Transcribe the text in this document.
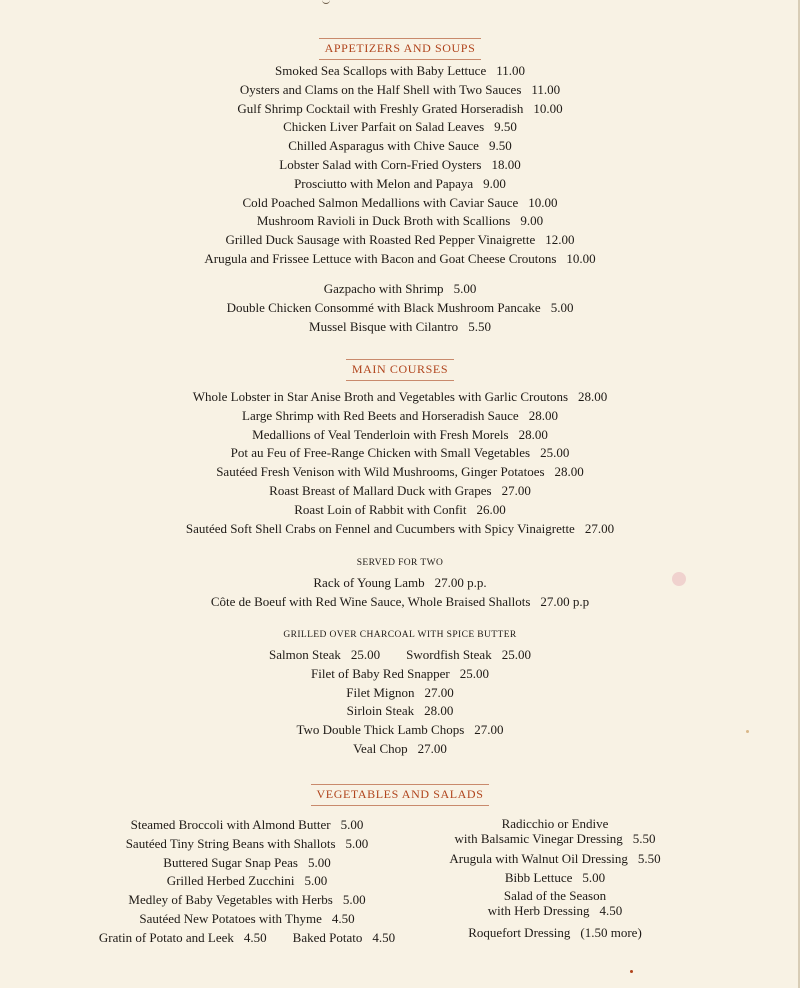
APPETIZERS AND SOUPS
Smoked Sea Scallops with Baby Lettuce 11.00
Oysters and Clams on the Half Shell with Two Sauces 11.00
Gulf Shrimp Cocktail with Freshly Grated Horseradish 10.00
Chicken Liver Parfait on Salad Leaves 9.50
Chilled Asparagus with Chive Sauce 9.50
Lobster Salad with Corn-Fried Oysters 18.00
Prosciutto with Melon and Papaya 9.00
Cold Poached Salmon Medallions with Caviar Sauce 10.00
Mushroom Ravioli in Duck Broth with Scallions 9.00
Grilled Duck Sausage with Roasted Red Pepper Vinaigrette 12.00
Arugula and Frissee Lettuce with Bacon and Goat Cheese Croutons 10.00
Gazpacho with Shrimp 5.00
Double Chicken Consommé with Black Mushroom Pancake 5.00
Mussel Bisque with Cilantro 5.50
MAIN COURSES
Whole Lobster in Star Anise Broth and Vegetables with Garlic Croutons 28.00
Large Shrimp with Red Beets and Horseradish Sauce 28.00
Medallions of Veal Tenderloin with Fresh Morels 28.00
Pot au Feu of Free-Range Chicken with Small Vegetables 25.00
Sautéed Fresh Venison with Wild Mushrooms, Ginger Potatoes 28.00
Roast Breast of Mallard Duck with Grapes 27.00
Roast Loin of Rabbit with Confit 26.00
Sautéed Soft Shell Crabs on Fennel and Cucumbers with Spicy Vinaigrette 27.00
SERVED FOR TWO
Rack of Young Lamb 27.00 p.p.
Côte de Boeuf with Red Wine Sauce, Whole Braised Shallots 27.00 p.p
GRILLED OVER CHARCOAL WITH SPICE BUTTER
Salmon Steak 25.00 Swordfish Steak 25.00
Filet of Baby Red Snapper 25.00
Filet Mignon 27.00
Sirloin Steak 28.00
Two Double Thick Lamb Chops 27.00
Veal Chop 27.00
VEGETABLES AND SALADS
Steamed Broccoli with Almond Butter 5.00
Sautéed Tiny String Beans with Shallots 5.00
Buttered Sugar Snap Peas 5.00
Grilled Herbed Zucchini 5.00
Medley of Baby Vegetables with Herbs 5.00
Sautéed New Potatoes with Thyme 4.50
Gratin of Potato and Leek 4.50 Baked Potato 4.50
Radicchio or Endive
with Balsamic Vinegar Dressing 5.50
Arugula with Walnut Oil Dressing 5.50
Bibb Lettuce 5.00
Salad of the Season
with Herb Dressing 4.50
Roquefort Dressing (1.50 more)
